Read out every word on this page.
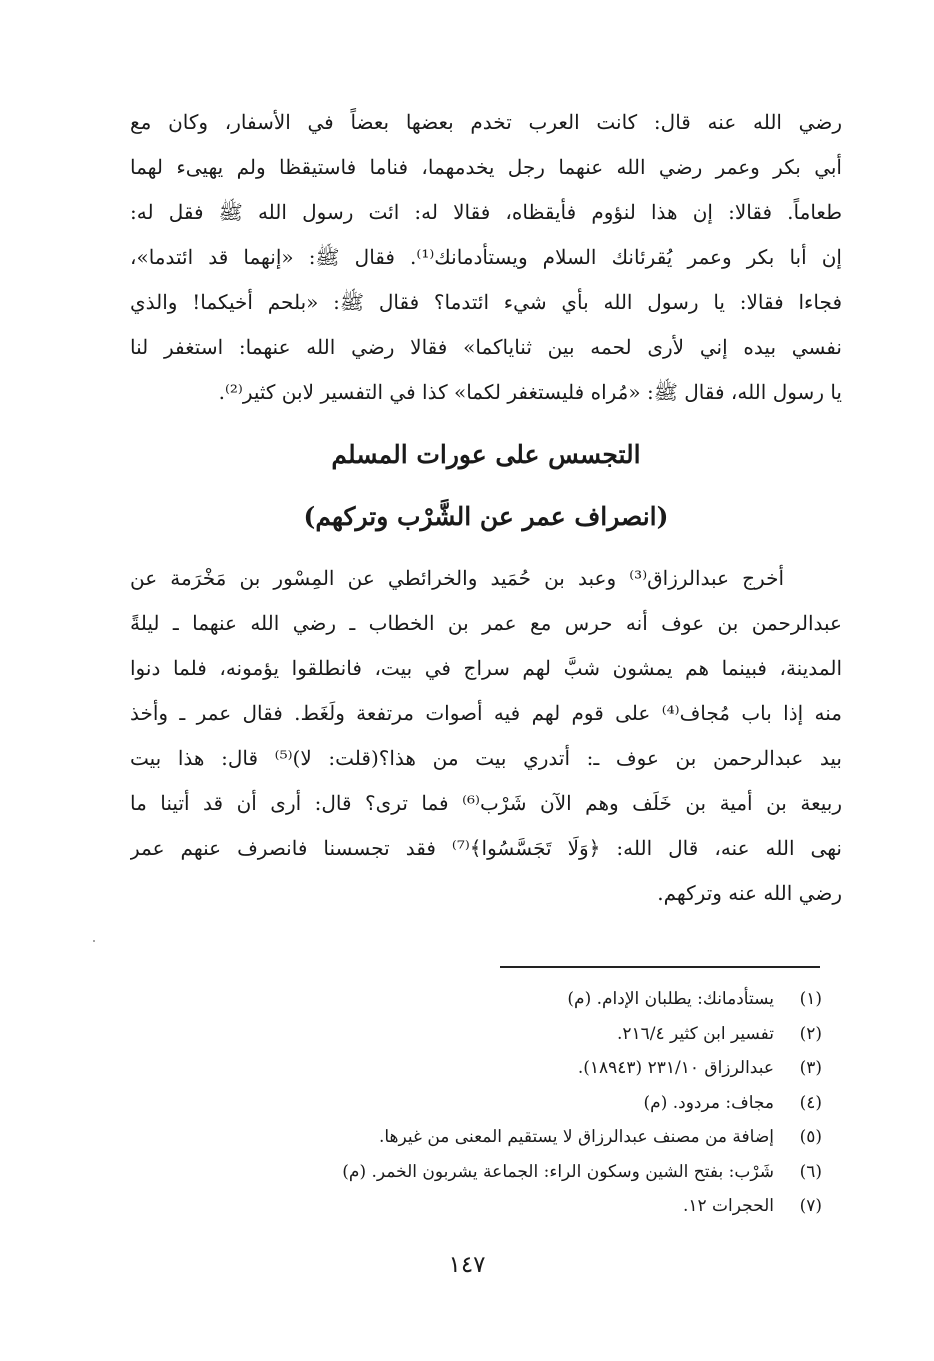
رضي الله عنه قال: كانت العرب تخدم بعضها بعضاً في الأسفار، وكان مع
أبي بكر وعمر رضي الله عنهما رجل يخدمهما، فناما فاستيقظا ولم يهيىء لهما
طعاماً. فقالا: إن هذا لنؤوم فأيقظاه، فقالا له: ائت رسول الله ﷺ فقل له:
إن أبا بكر وعمر يُقرئانك السلام ويستأدمانك⁽¹⁾. فقال ﷺ: «إنهما قد ائتدما»،
فجاءا فقالا: يا رسول الله بأي شيء ائتدما؟ فقال ﷺ: «بلحم أخيكما! والذي
نفسي بيده إني لأرى لحمه بين ثناياكما» فقالا رضي الله عنهما: استغفر لنا
يا رسول الله، فقال ﷺ: «مُراه فليستغفر لكما» كذا في التفسير لابن كثير⁽²⁾.
التجسس على عورات المسلم
(انصراف عمر عن الشَّرْب وتركهم)
أخرج عبدالرزاق⁽³⁾ وعبد بن حُمَيد والخرائطي عن المِسْور بن مَخْرَمة عن
عبدالرحمن بن عوف أنه حرس مع عمر بن الخطاب ـ رضي الله عنهما ـ ليلةً
المدينة، فبينما هم يمشون شبَّ لهم سراج في بيت، فانطلقوا يؤمونه، فلما دنوا
منه إذا باب مُجاف⁽⁴⁾ على قوم لهم فيه أصوات مرتفعة ولَغَط. فقال عمر ـ وأخذ
بيد عبدالرحمن بن عوف ـ: أتدري بيت من هذا؟(قلت: لا)⁽⁵⁾ قال: هذا بيت
ربيعة بن أمية بن خَلَف وهم الآن شَرْب⁽⁶⁾ فما ترى؟ قال: أرى أن قد أتينا ما
نهى الله عنه، قال الله: ﴿وَلَا تَجَسَّسُوا﴾⁽⁷⁾ فقد تجسسنا فانصرف عنهم عمر
رضي الله عنه وتركهم.
(١)
يستأدمانك: يطلبان الإدام. (م)
(٢)
تفسير ابن كثير ٢١٦/٤.
(٣)
عبدالرزاق ٢٣١/١٠ (١٨٩٤٣).
(٤)
مجاف: مردود. (م)
(٥)
إضافة من مصنف عبدالرزاق لا يستقيم المعنى من غيرها.
(٦)
شَرْب: بفتح الشين وسكون الراء: الجماعة يشربون الخمر. (م)
(٧)
الحجرات ١٢.
١٤٧
